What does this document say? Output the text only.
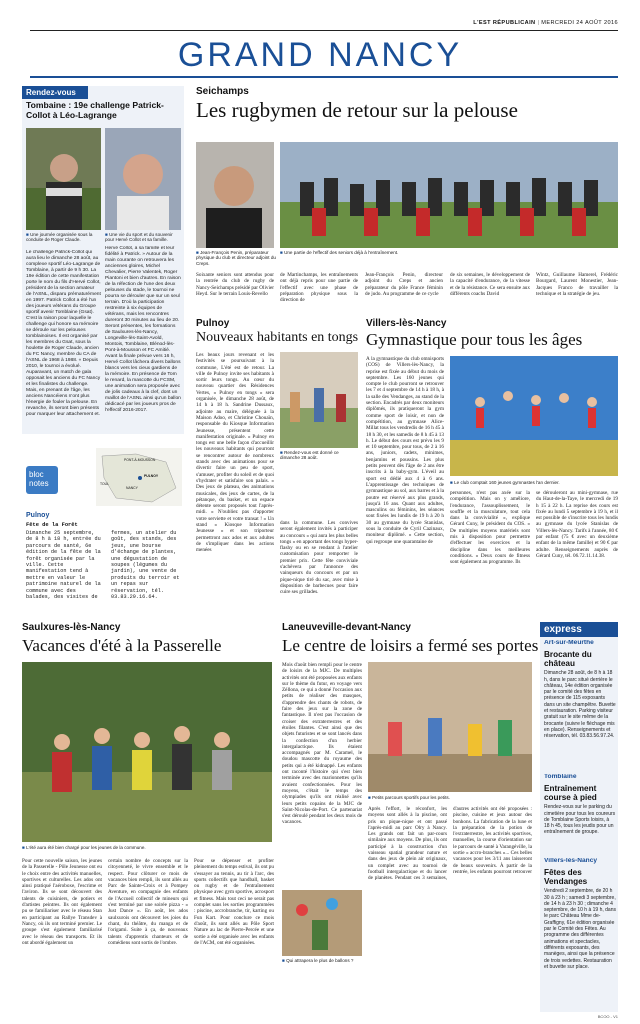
L'EST RÉPUBLICAIN | MERCREDI 24 AOÛT 2016
GRAND NANCY
Rendez-vous
Tombaine : 19e challenge Patrick-Collot à Léo-Lagrange
■ Une journée organisée sous la conduite de Roger Claude.
■ Une vie du sport et du souvenir pour Hervé Collot et sa famille.
Le challenge Patrick-Collot qui aura lieu le dimanche 28 août, au complexe sportif Léo-Lagrange de Tomblaine, à partir de 9 h 30. La 19e édition de cette manifestation porte le nom du fils d'Hervé Collot, président de la section amateur de l'ASNL, disparu prématurément en 1997. Patrick Collot a été l'un des joueurs vétérans du Groupe sportif avenir Tomblaine (Gsat). C'est la raison pour laquelle le challenge qui honore sa mémoire se déroule sur les pelouses tomblainoises. Il est organisé par les membres du Gsat, sous la houlette de Roger Claude, ancien du FC Nancy, membre du CA de l'ASNL de 1968 à 1988. « Depuis 2010, le tournoi a évolué. Auparavant, un match de gala opposait les anciens du FC Nancy et les finalistes du challenge. Mais, en prenant de l'âge, les anciens Nancéiens n'ont plus l'énergie de fouler la pelouse. En revanche, ils seront bien présents pour marquer leur attachement et.
Hervé Collot, à sa famille et leur fidélité à Patrick. » Autour de la main courante on retrouvera les anciennes gloires, Michel Chevalier, Pierre Valentek, Roger Piantoni et bien d'autres. En raison de la réfection de l'une des deux pelouses du stade, le tournoi ne pourra se dérouler que sur un seul terrain. D'où la participation restreinte à six équipes de vétérans, mais les rencontres dureront 30 minutes au lieu de 20. Seront présentes, les formations de Saulxures-lès-Nancy, Longeville-lès-Saint-Avold, Montois, Tomblaine, Blénod-lès-Pont-à-Mousson et FC Amitié. Avant la finale prévue vers 16 h, Hervé Collot lâchera divers ballons blancs vers les cieux gardiens de la mémoire. En présence de Tom le renard, la mascotte du FCSM, une animation sera proposée avec de jolis cadeaux à la clef, dont un maillot de l'ASNL ainsi qu'un ballon dédicacé par les joueurs pros de l'effectif 2016-2017.
bloc
notes
PONT-À-MOUSSON
TOUL
NANCY
PULNOY
Pulnoy
Fête de la Forêt
Dimanche 25 septembre, de 8 h à 18 h, entrée du parcours de santé, 6e édition de la fête de la forêt organisée par la ville. Cette manifestation tend à mettre en valeur le patrimoine naturel de la commune avec des balades, des visites de fermes, un atelier du goût, des stands, des jeux, une bourse d'échange de plantes, une dégustation de soupes (légumes du jardin), une vente de produits du terroir et un repas sur réservation, tél. 03.83.29.16.64.
Seichamps
Les rugbymen de retour sur la pelouse
■ Jean-François Penin, préparateur physique du club et directeur adjoint du Creps.
■ Une partie de l'effectif des seniors déjà à l'entraînement.
Soixante seniors sont attendus pour la rentrée du club de rugby de Nancy-Seichamps présidé par Olivier Heyd. Sur le terrain Louis-Revello
de Martinchamps, les entraînements ont déjà repris pour une partie de l'effectif avec une phase de préparation physique sous la direction de
Jean-François Penin, directeur adjoint du Creps et ancien préparateur du pôle France féminin de judo. Au programme de ce cycle
de six semaines, le développement de la capacité d'endurance, de la vitesse et de la résistance. Ce sera ensuite aux différents coachs David
Wintz, Guillaume Hamerel, Frédéric Bourgard, Laurent Monestier, Jean-Jacques Franco de travailler la technique et la stratégie de jeu.
Pulnoy
Nouveaux habitants en tongs
Les beaux jours revenant et les festivités se poursuivant à la commune, L'été est de retour. La ville de Pulnoy invite ses habitants à sortir leurs tongs. Au cœur du nouveau quartier des Résidences Vertes, « Pulnoy en tongs » sera organisée, le dimanche 28 août, de 14 h à 18 h. Sandrine Dussaux, adjointe au maire, déléguée à la Maison Adoo, et Christine Chouaïn, responsable du Kiosque Information Jeunesse, présentent cette manifestation originale. « Pulnoy en tongs est une belle façon d'accueillir les nouveaux habitants qui pourront se rencontrer autour de nombreux stands avec des animations pour se divertir faire un peu de sport, s'amuser, profiter du soleil et de quoi s'hydrater et satisfaire son palais. » Des jeux de plateau, des animations musicales, des jeux de cartes, de la pétanque, du basket, et un espace détente seront proposés tout l'après-midi. « N'oubliez pas d'apporter votre serviette et votre transat ! » Un stand « Kiosque Information Jeunesse » et son triporteur permettront aux ados et aux adultes de s'impliquer dans les actions menées
■ Rendez-vous est donné ce dimanche 28 août.
dans la commune. Les convives seront également invités à participer au concours « qui aura les plus belles tongs » en apportant des tongs hyper-flashy ou en se rendant à l'atelier customisation pour remporter le premier prix. Cette fête conviviale s'achèvera par l'annonce des vainqueurs du concours et par un pique-nique tiré du sac, avec mise à disposition de barbecues pour faire cuire ses grillades.
Villers-lès-Nancy
Gymnastique pour tous les âges
■ Le club comptait 160 jeunes gymnastes l'an dernier.
À la gymnastique du club omnisports (COS) de Villers-lès-Nancy, la reprise est fixée au début du mois de septembre. Les 160 jeunes qui compte le club pourront se retrouver les 7 et 4 septembre de 14 h à 18 h, à la salle des Vendanges, au stand de la section. Encadrés par deux moniteurs diplômés, ils pratiqueront la gym comme sport de loisir, et non de compétition, au gymnase Alice-Millat tous les vendredis de 16 h 45 à 18 h 30, et les samedis de 8 h 45 à 13 h. Le début des cours est prévu les 9 et 10 septembre, pour tous, de 2 à 16 ans, juniors, cadets, minimes, benjamins et poussins. Les plus petits peuvent dès l'âge de 2 ans être inscrits à la baby-gym. L'éveil au sport est dédié aux 4 à 6 ans. L'apprentissage des techniques de gymnastique au sol, aux barres et à la poutre est réservé aux plus grands, jusqu'à 16 ans. Quant aux adultes, masculins ou féminins, les séances sont fixées les lundis de 19 h à 20 h 30 au gymnase du lycée Stanislas, sous la conduite de Cyril Cazinaux, moniteur diplômé. « Cette section, qui regroupe une quarantaine de
personnes, n'est pas axée sur la compétition. Mais on y améliore, l'endurance, l'assouplissement, le souffle et la musculature, tout cela dans la convivialité », explique Gérard Cuny, le président du COS. « De multiples moyens matériels sont mis à disposition pour permettre d'effectuer les exercices et la discipline dans les meilleures conditions. » Deux cours de fitness sont également au programme. Ils
se dérouleront au mini-gymnase, rue du Haut-de-la-Taye, le mercredi de 19 h 15 à 22 h. La reprise des cours est fixée au lundi 5 septembre à 19 h, et il est possible de s'inscrire tous les lundis au gymnase du lycée Stanislas de Villers-lès-Nancy. Tarifs à l'année, 80 € par enfant (75 € avec un deuxième enfant de la même famille) et 90 € par adulte. Renseignements auprès de Gérard Cuny, tél. 06.72.11.14.38.
Saulxures-lès-Nancy
Vacances d'été à la Passerelle
■ L'été aura été bien chargé pour les jeunes de la commune.
Pour cette nouvelle saison, les jeunes de la Passerelle - Pôle Jeunesse ont eu le choix entre des activités manuelles, sportives et culturelles. Les ados ont ainsi pratiqué l'aéroboxe, l'escrime et l'aviron. Ils se sont découvert des talents de cuisiniers, de potiers et d'artistes peintres. Ils ont également pu se familiariser avec le réseau Stan en participant au Rallye Transdev à Nancy, où ils ont terminé premier. Le groupe s'est également familiarisé avec le réseau des transports. Et ils ont abordé également un
certain nombre de concepts sur la citoyenneté, le vivre ensemble et le respect. Pour clôturer ce mois de vacances bien rempli, ils sont allés au Parc de Sainte-Croix et à Pompey Aventure, en compagnie des enfants de l'Accueil collectif de mineurs qui s'est terminé par une soirée pizza - « Just Dance ». En août, les ados saulxurois ont découvert les joies du chant, du théâtre, du manga et de l'origami. Suite à ça, de nouveaux talents d'apprentis chanteurs et de comédiens sont sortis de l'ombre.
Pour se dépenser et profiter pleinement du temps estival, ils ont pu s'essayer au tennis, au tir à l'arc, des sports collectifs que handball, basket ou rugby et de l'entraînement physique avec gym sportive, acrosport et fitness. Mais tout ceci ne serait pas complet sans les sorties programmées : piscine, accrobranche, tir, karting ou Fun Kart. Pour conclure ce mois d'août, ils sont allés au Pôle Sport Nature au lac de Pierre-Percée et une sortie a été organisée avec les enfants de l'ACM, ont été organisées.
Laneuveville-devant-Nancy
Le centre de loisirs a fermé ses portes
Mois d'août bien rempli pour le centre de loisirs de la MJC. De multiples activités ont été proposées aux enfants sur le thème du futur, en voyage vers Zéllona, ce qui a donné l'occasion aux petits de réaliser des masques, d'apprendre des chants de robots, de faire des jeux sur la zone de fantastique. Il n'est pas l'occasion de croiser des extraterrestres et des étoiles filantes. C'est ainsi que des objets futuristes et se sont lancés dans la confection d'un herbier intergalactique. Ils étaient accompagnés par M. Caramel, le doudou mascotte du royaume des petits qui a été kidnappé. Les enfants ont raconté l'histoire qui s'est bien terminée avec des marionnettes qu'ils avaient confectionnées. Pour les moyens, c'était le temps des olympiades qu'ils ont réalisé avec leurs petits copains de la MJC de Saint-Nicolas-de-Port. Ce partenariat s'est déroulé pendant les deux mois de vacances.
■ Petits parcours sportifs pour les petits.
Après l'effort, le réconfort, les moyens sont allés à la piscine, ont pris un pique-nique et ont passé l'après-midi au parc Olry à Nancy. Les grands ont fait un par-cours similaire aux moyens. De plus, ils ont participé à la construction d'un vaisseau spatial grandeur nature et dans des jeux de plein air originaux, un complet avec au tournoi de football intergalactique et du lancer de planètes. Pendant ces 3 semaines, d'autres activités ont été proposées : piscine, cuisine et jeux autour des bonhons. La fabrication de la lune et la préparation de la potion de l'extraterrestre, les activités sportives, manuelles, la course d'orientation sur le parcours de santé à Varangéville, la sortie « accro-branches »... Ces belles vacances pour les 3/11 ans laisseront de beaux souvenirs. À partir de la rentrée, les enfants pourront retrouver
■ Qui attrapera le plus de ballons ?
express
Art-sur-Meurthe
Brocante du château
Dimanche 28 août, de 8 h à 18 h, dans le parc situé derrière le château, 14e édition organisée par le comité des fêtes en présence de 115 exposants dans un site champêtre. Buvette et restauration. Parking visiteur gratuit sur le site même de la brocante (suivre le fléchage mis en place). Renseignements et réservation, tél. 03.83.56.97.24.
Tomblaine
Entraînement course à pied
Rendez-vous sur le parking du cimetière pour tous les coureurs de Tomblaine Sports loisirs, à 18 h 45, tous les jeudis pour un entraînement de groupe.
Villers-lès-Nancy
Fêtes des Vendanges
Vendredi 2 septembre, de 20 h 30 à 23 h ; samedi 3 septembre, de 14 h à 23 h 30 ; dimanche 4 septembre, de 10 h à 19 h, dans le parc Château Mme de-Graffigny, 61e édition organisée par le Comité des Fêtes. Au programme des différentes animations et spectacles, différents exposants, des manèges, ainsi que la présence de trois vedettes. Restauration et buvette sur place.
BCOO - V1
